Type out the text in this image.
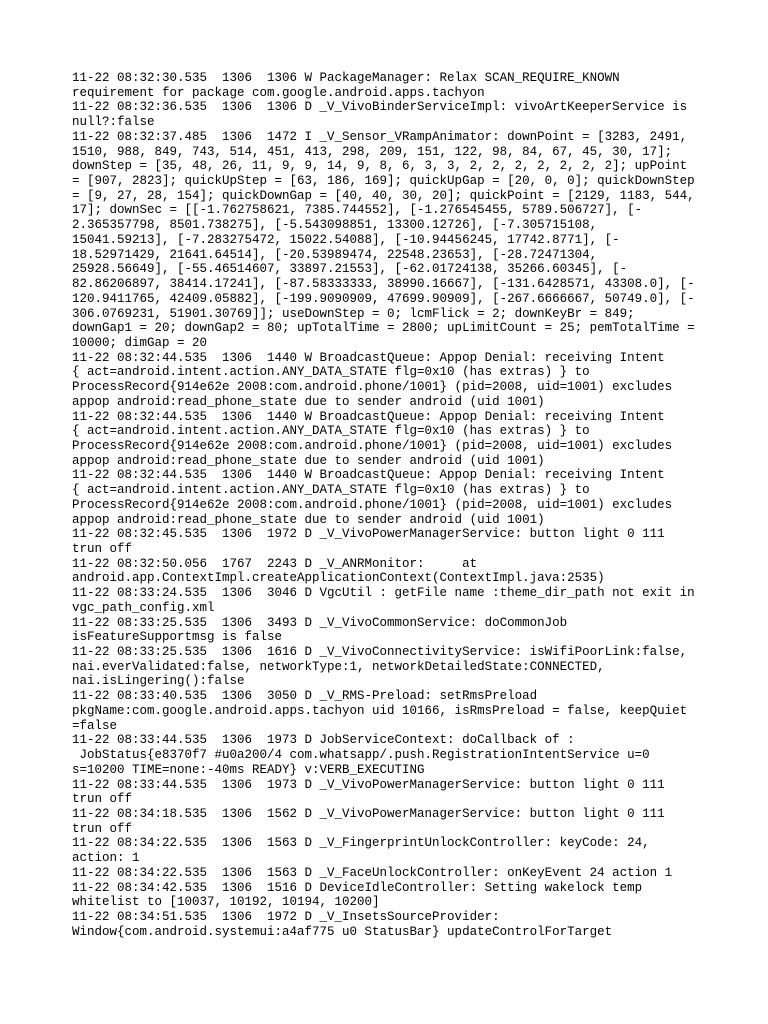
11-22 08:32:30.535  1306  1306 W PackageManager: Relax SCAN_REQUIRE_KNOWN
requirement for package com.google.android.apps.tachyon
11-22 08:32:36.535  1306  1306 D _V_VivoBinderServiceImpl: vivoArtKeeperService is
null?:false
11-22 08:32:37.485  1306  1472 I _V_Sensor_VRampAnimator: downPoint = [3283, 2491,
1510, 988, 849, 743, 514, 451, 413, 298, 209, 151, 122, 98, 84, 67, 45, 30, 17];
downStep = [35, 48, 26, 11, 9, 9, 14, 9, 8, 6, 3, 3, 2, 2, 2, 2, 2, 2, 2]; upPoint
= [907, 2823]; quickUpStep = [63, 186, 169]; quickUpGap = [20, 0, 0]; quickDownStep
= [9, 27, 28, 154]; quickDownGap = [40, 40, 30, 20]; quickPoint = [2129, 1183, 544,
17]; downSec = [[-1.762758621, 7385.744552], [-1.276545455, 5789.506727], [-
2.365357798, 8501.738275], [-5.543098851, 13300.12726], [-7.305715108,
15041.59213], [-7.283275472, 15022.54088], [-10.94456245, 17742.8771], [-
18.52971429, 21641.64514], [-20.53989474, 22548.23653], [-28.72471304,
25928.56649], [-55.46514607, 33897.21553], [-62.01724138, 35266.60345], [-
82.86206897, 38414.17241], [-87.58333333, 38990.16667], [-131.6428571, 43308.0], [-
120.9411765, 42409.05882], [-199.9090909, 47699.90909], [-267.6666667, 50749.0], [-
306.0769231, 51901.30769]]; useDownStep = 0; lcmFlick = 2; downKeyBr = 849;
downGap1 = 20; downGap2 = 80; upTotalTime = 2800; upLimitCount = 25; pemTotalTime =
10000; dimGap = 20
11-22 08:32:44.535  1306  1440 W BroadcastQueue: Appop Denial: receiving Intent
{ act=android.intent.action.ANY_DATA_STATE flg=0x10 (has extras) } to
ProcessRecord{914e62e 2008:com.android.phone/1001} (pid=2008, uid=1001) excludes
appop android:read_phone_state due to sender android (uid 1001)
11-22 08:32:44.535  1306  1440 W BroadcastQueue: Appop Denial: receiving Intent
{ act=android.intent.action.ANY_DATA_STATE flg=0x10 (has extras) } to
ProcessRecord{914e62e 2008:com.android.phone/1001} (pid=2008, uid=1001) excludes
appop android:read_phone_state due to sender android (uid 1001)
11-22 08:32:44.535  1306  1440 W BroadcastQueue: Appop Denial: receiving Intent
{ act=android.intent.action.ANY_DATA_STATE flg=0x10 (has extras) } to
ProcessRecord{914e62e 2008:com.android.phone/1001} (pid=2008, uid=1001) excludes
appop android:read_phone_state due to sender android (uid 1001)
11-22 08:32:45.535  1306  1972 D _V_VivoPowerManagerService: button light 0 111
trun off
11-22 08:32:50.056  1767  2243 D _V_ANRMonitor:     at
android.app.ContextImpl.createApplicationContext(ContextImpl.java:2535)
11-22 08:33:24.535  1306  3046 D VgcUtil : getFile name :theme_dir_path not exit in
vgc_path_config.xml
11-22 08:33:25.535  1306  3493 D _V_VivoCommonService: doCommonJob
isFeatureSupportmsg is false
11-22 08:33:25.535  1306  1616 D _V_VivoConnectivityService: isWifiPoorLink:false,
nai.everValidated:false, networkType:1, networkDetailedState:CONNECTED,
nai.isLingering():false
11-22 08:33:40.535  1306  3050 D _V_RMS-Preload: setRmsPreload
pkgName:com.google.android.apps.tachyon uid 10166, isRmsPreload = false, keepQuiet
=false
11-22 08:33:44.535  1306  1973 D JobServiceContext: doCallback of :
JobStatus{e8370f7 #u0a200/4 com.whatsapp/.push.RegistrationIntentService u=0
s=10200 TIME=none:-40ms READY} v:VERB_EXECUTING
11-22 08:33:44.535  1306  1973 D _V_VivoPowerManagerService: button light 0 111
trun off
11-22 08:34:18.535  1306  1562 D _V_VivoPowerManagerService: button light 0 111
trun off
11-22 08:34:22.535  1306  1563 D _V_FingerprintUnlockController: keyCode: 24,
action: 1
11-22 08:34:22.535  1306  1563 D _V_FaceUnlockController: onKeyEvent 24 action 1
11-22 08:34:42.535  1306  1516 D DeviceIdleController: Setting wakelock temp
whitelist to [10037, 10192, 10194, 10200]
11-22 08:34:51.535  1306  1972 D _V_InsetsSourceProvider:
Window{com.android.systemui:a4af775 u0 StatusBar} updateControlForTarget
